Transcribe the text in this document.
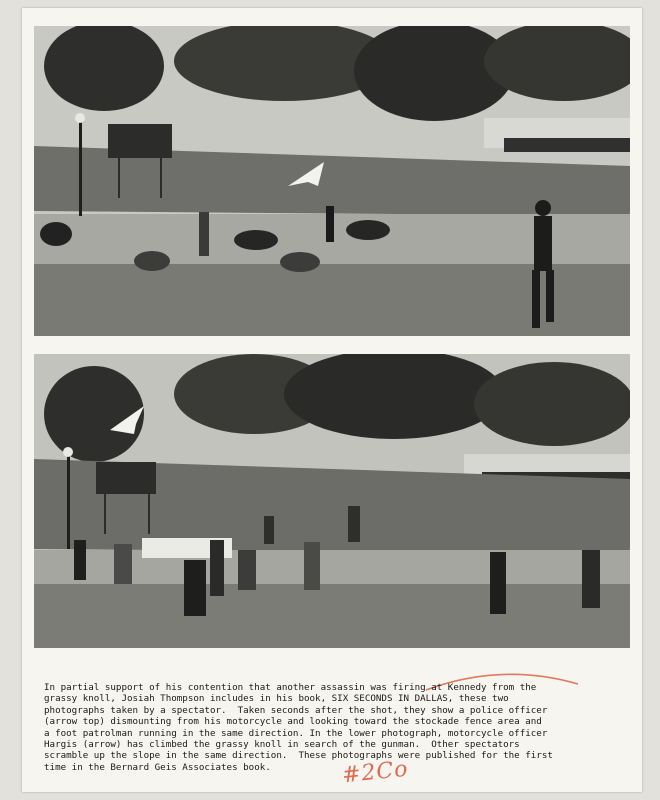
In partial support of his contention that another assassin was firing at Kennedy from the
grassy knoll, Josiah Thompson includes in his book, SIX SECONDS IN DALLAS, these two
photographs taken by a spectator.  Taken seconds after the shot, they show a police officer
(arrow top) dismounting from his motorcycle and looking toward the stockade fence area and
a foot patrolman running in the same direction. In the lower photograph, motorcycle officer
Hargis (arrow) has climbed the grassy knoll in search of the gunman.  Other spectators
scramble up the slope in the same direction.  These photographs were published for the first
time in the Bernard Geis Associates book.	#2Co
